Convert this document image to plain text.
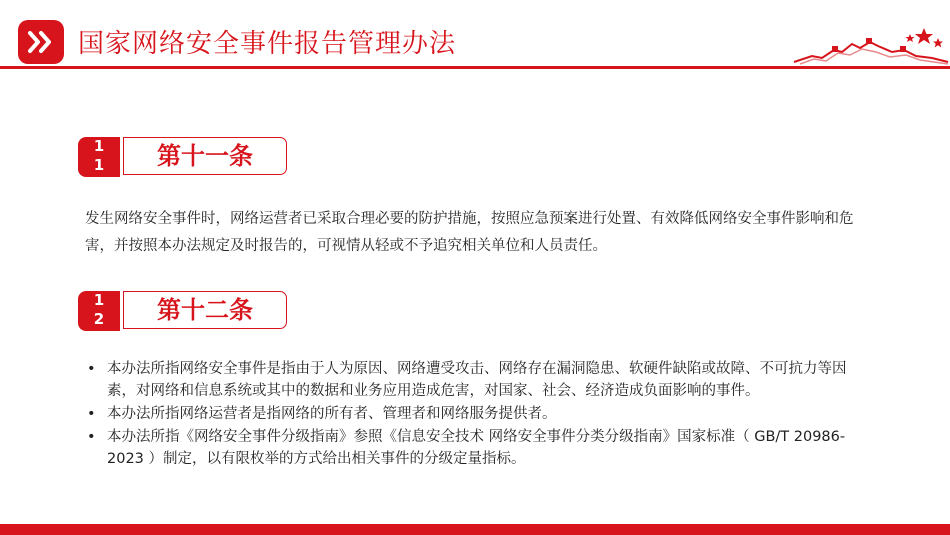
国家网络安全事件报告管理办法
1
1	第十一条
发生网络安全事件时，网络运营者已采取合理必要的防护措施，按照应急预案进行处置、有效降低网络安全事件影响和危害，并按照本办法规定及时报告的，可视情从轻或不予追究相关单位和人员责任。
1
2	第十二条
• 本办法所指网络安全事件是指由于人为原因、网络遭受攻击、网络存在漏洞隐患、软硬件缺陷或故障、不可抗力等因素，对网络和信息系统或其中的数据和业务应用造成危害，对国家、社会、经济造成负面影响的事件。
• 本办法所指网络运营者是指网络的所有者、管理者和网络服务提供者。
• 本办法所指《网络安全事件分级指南》参照《信息安全技术 网络安全事件分类分级指南》国家标准（ GB/T 20986-2023 ）制定，以有限枚举的方式给出相关事件的分级定量指标。
